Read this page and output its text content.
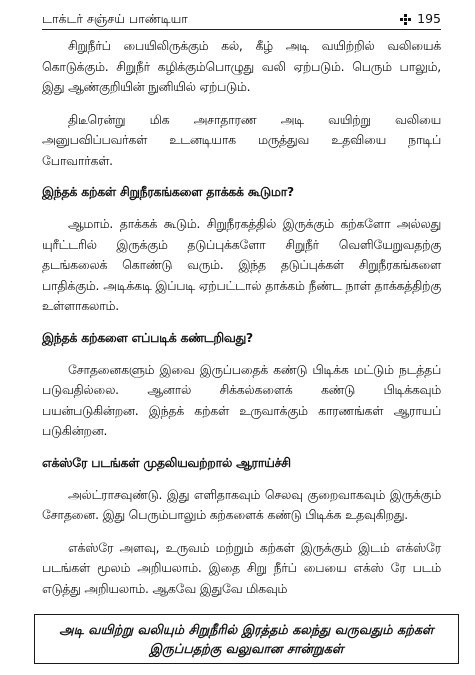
டாக்டர் சஞ்சய் பாண்டியா	195

சிறுநீர்ப் பையிலிருக்கும் கல், கீழ் அடி வயிற்றில் வலியைக் கொடுக்கும். சிறுநீர் கழிக்கும்பொழுது வலி ஏற்படும். பெரும் பாலும், இது ஆண்குறியின் நுனியில் ஏற்படும்.

திடீரென்று மிக அசாதாரண அடி வயிற்று வலியை அனுபவிப்பவர்கள் உடனடியாக மருத்துவ உதவியை நாடிப் போவார்கள்.

இந்தக் கற்கள் சிறுநீரகங்களை தாக்கக் கூடுமா?

ஆமாம். தாக்கக் கூடும். சிறுநீரகத்தில் இருக்கும் கற்களோ அல்லது யுரீட்டரில் இருக்கும் தடுப்புக்களோ சிறுநீர் வெளியேறுவதற்கு தடங்கலைக் கொண்டு வரும். இந்த தடுப்புக்கள் சிறுநீரகங்களை பாதிக்கும். அடிக்கடி இப்படி ஏற்பட்டால் தாக்கம் நீண்ட நாள் தாக்கத்திற்கு உள்ளாகலாம்.

இந்தக் கற்களை எப்படிக் கண்டறிவது?

சோதனைகளும் இவை இருப்பதைக் கண்டு பிடிக்க மட்டும் நடத்தப் படுவதில்லை. ஆனால் சிக்கல்களைக் கண்டு பிடிக்கவும் பயன்படுகின்றன. இந்தக் கற்கள் உருவாக்கும் காரணங்கள் ஆராயப் படுகின்றன.

எக்ஸ்ரே படங்கள் முதலியவற்றால் ஆராய்ச்சி

அல்ட்ராசவுண்டு. இது எளிதாகவும் செலவு குறைவாகவும் இருக்கும் சோதனை. இது பெரும்பாலும் கற்களைக் கண்டு பிடிக்க உதவுகிறது.

எக்ஸ்ரே அளவு, உருவம் மற்றும் கற்கள் இருக்கும் இடம் எக்ஸ்ரே படங்கள் மூலம் அறியலாம். இதை சிறு நீர்ப் பையை எக்ஸ் ரே படம் எடுத்து அறியலாம். ஆகவே இதுவே மிகவும்

அடி வயிற்று வலியும் சிறுநீரில் இரத்தம் கலந்து வருவதும் கற்கள் இருப்பதற்கு வலுவான சான்றுகள்
